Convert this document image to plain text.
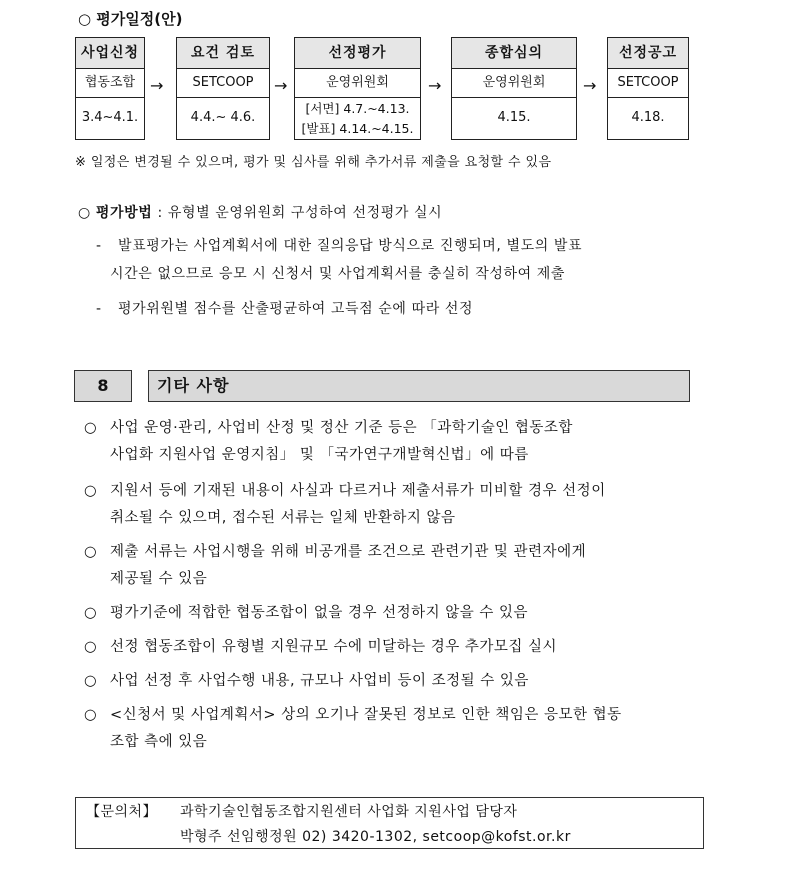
○ 평가일정(안)
사업신청
협동조합
3.4~4.1.
→
요건 검토
SETCOOP
4.4.~ 4.6.
→
선정평가
운영위원회
[서면] 4.7.~4.13.
[발표] 4.14.~4.15.
→
종합심의
운영위원회
4.15.
→
선정공고
SETCOOP
4.18.
※ 일정은 변경될 수 있으며, 평가 및 심사를 위해 추가서류 제출을 요청할 수 있음
○ 평가방법 : 유형별 운영위원회 구성하여 선정평가 실시
- 발표평가는 사업계획서에 대한 질의응답 방식으로 진행되며, 별도의 발표
시간은 없으므로 응모 시 신청서 및 사업계획서를 충실히 작성하여 제출
- 평가위원별 점수를 산출평균하여 고득점 순에 따라 선정
8	기타 사항
○ 사업 운영·관리, 사업비 산정 및 정산 기준 등은 「과학기술인 협동조합
사업화 지원사업 운영지침」 및 「국가연구개발혁신법」에 따름
○ 지원서 등에 기재된 내용이 사실과 다르거나 제출서류가 미비할 경우 선정이
취소될 수 있으며, 접수된 서류는 일체 반환하지 않음
○ 제출 서류는 사업시행을 위해 비공개를 조건으로 관련기관 및 관련자에게
제공될 수 있음
○ 평가기준에 적합한 협동조합이 없을 경우 선정하지 않을 수 있음
○ 선정 협동조합이 유형별 지원규모 수에 미달하는 경우 추가모집 실시
○ 사업 선정 후 사업수행 내용, 규모나 사업비 등이 조정될 수 있음
○ <신청서 및 사업계획서> 상의 오기나 잘못된 정보로 인한 책임은 응모한 협동
조합 측에 있음
【문의처】 과학기술인협동조합지원센터 사업화 지원사업 담당자
박형주 선임행정원 02) 3420-1302, setcoop@kofst.or.kr
